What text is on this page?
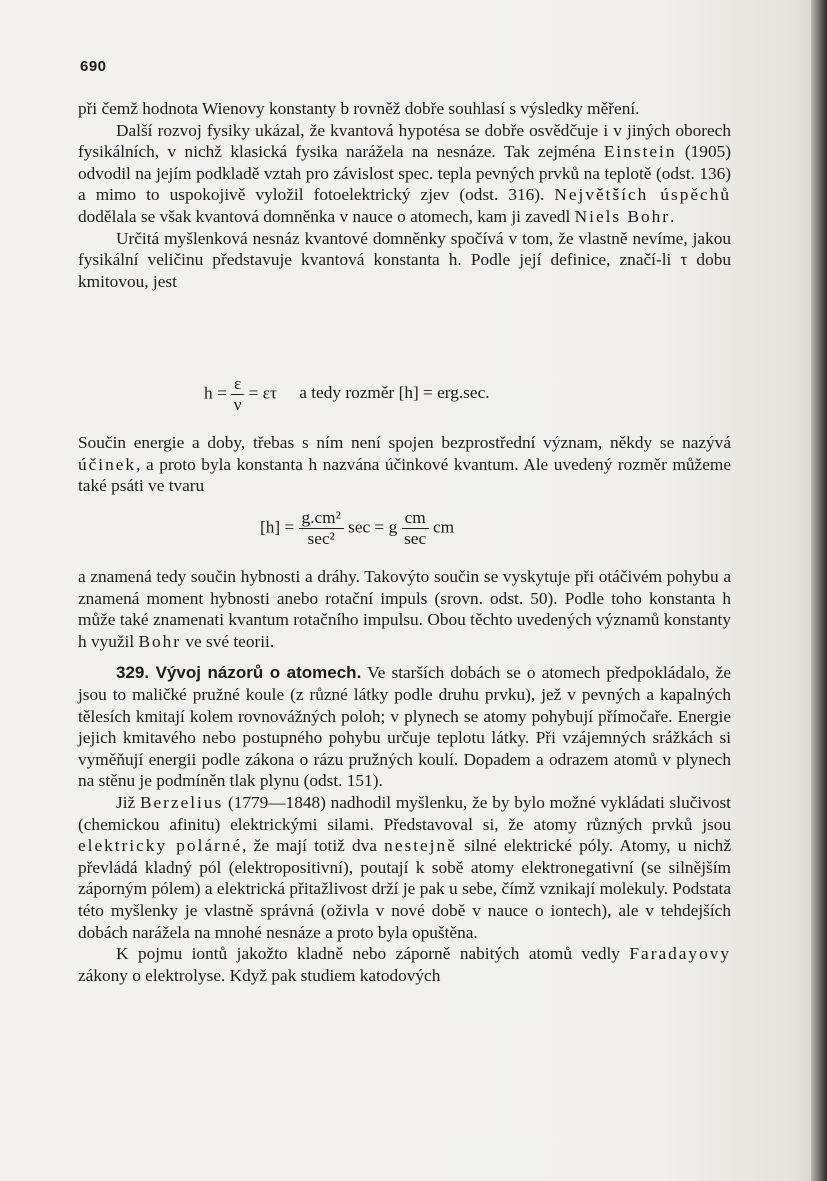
690

při čemž hodnota Wienovy konstanty b rovněž dobře souhlasí s výsledky měření.

Další rozvoj fysiky ukázal, že kvantová hypotésa se dobře osvědčuje i v jiných oborech fysikálních, v nichž klasická fysika narážela na nesnáze. Tak zejména Einstein (1905) odvodil na jejím podkladě vztah pro závislost spec. tepla pevných prvků na teplotě (odst. 136) a mimo to uspokojivě vyložil fotoelektrický zjev (odst. 316). Největších úspěchů dodělala se však kvantová domněnka v nauce o atomech, kam ji zavedl Niels Bohr.

Určitá myšlenková nesnáz kvantové domněnky spočívá v tom, že vlastně nevíme, jakou fysikální veličinu představuje kvantová konstanta h. Podle její definice, značí-li τ dobu kmitovou, jest

$h = \frac{\varepsilon}{\nu} = \varepsilon\tau$ a tedy rozměr [h] = erg.sec.

Součin energie a doby, třebas s ním není spojen bezprostřední význam, někdy se nazývá účinek, a proto byla konstanta h nazvána účinkové kvantum. Ale uvedený rozměr můžeme také psáti ve tvaru

$[h] = \frac{\text{g.cm²}}{\text{sec²}}$ sec = g $\frac{cm}{\sec}$ cm

a znamená tedy součin hybnosti a dráhy. Takovýto součin se vyskytuje při otáčivém pohybu a znamená moment hybnosti anebo rotační impuls (srovn. odst. 50). Podle toho konstanta h může také znamenati kvantum rotačního impulsu. Obou těchto uvedených významů konstanty h využil Bohr ve své teorii.

329. Vývoj názorů o atomech. Ve starších dobách se o atomech předpokládalo, že jsou to maličké pružné koule (z různé látky podle druhu prvku), jež v pevných a kapalných tělesích kmitají kolem rovnovážných poloh; v plynech se atomy pohybují přímočaře. Energie jejich kmitavého nebo postupného pohybu určuje teplotu látky. Při vzájemných srážkách si vyměňují energii podle zákona o rázu pružných koulí. Dopadem a odrazem atomů v plynech na stěnu je podmíněn tlak plynu (odst. 151).

Již Berzelius (1779—1848) nadhodil myšlenku, že by bylo možné vykládati slučivost (chemickou afinitu) elektrickými silami. Představoval si, že atomy různých prvků jsou elektricky polárné, že mají totiž dva nestejně silné elektrické póly. Atomy, u nichž převládá kladný pól (elektropositivní), poutají k sobě atomy elektronegativní (se silnějším záporným pólem) a elektrická přitažlivost drží je pak u sebe, čímž vznikají molekuly. Podstata této myšlenky je vlastně správná (oživla v nové době v nauce o iontech), ale v tehdejších dobách narážela na mnohé nesnáze a proto byla opuštěna.

K pojmu iontů jakožto kladně nebo záporně nabitých atomů vedly Faradayovy zákony o elektrolyse. Když pak studiem katodových
